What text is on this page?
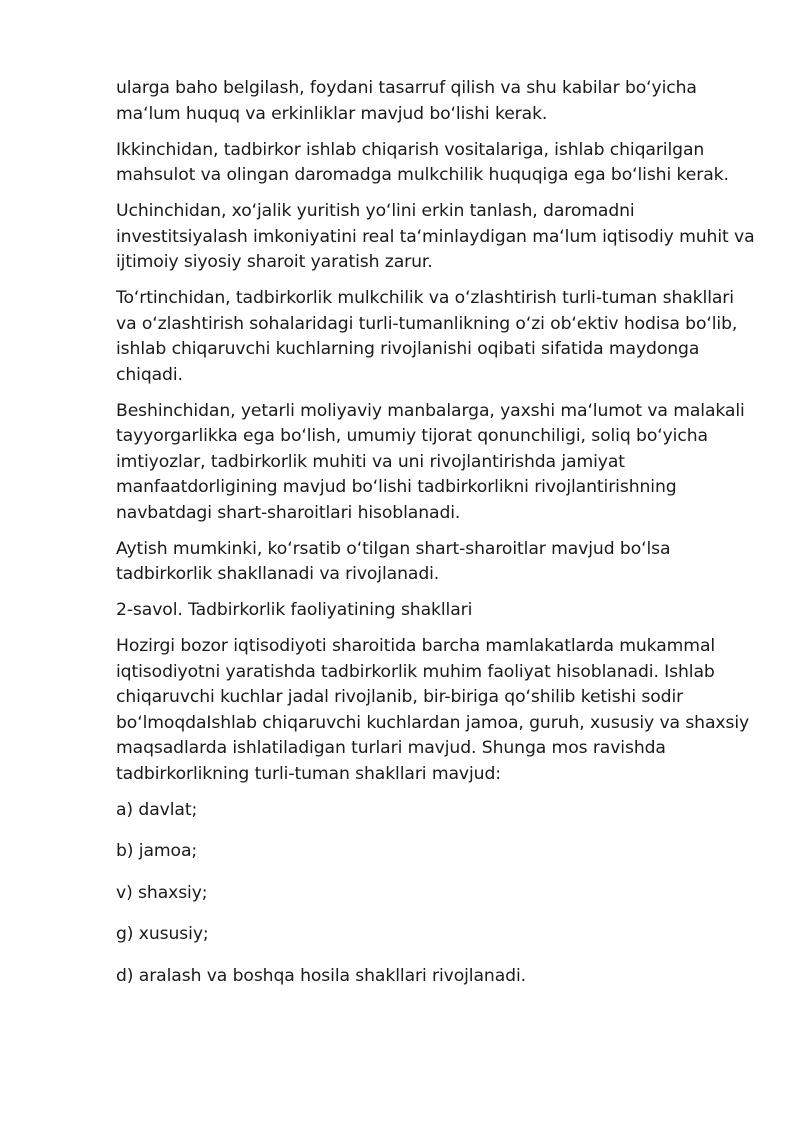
ularga baho belgilash, foydani tasarruf qilish va shu kabilar bo‘yicha ma‘lum huquq va erkinliklar mavjud bo‘lishi kerak.

Ikkinchidan, tadbirkor ishlab chiqarish vositalariga, ishlab chiqarilgan mahsulot va olingan daromadga mulkchilik huquqiga ega bo‘lishi kerak.

Uchinchidan, xo‘jalik yuritish yo‘lini erkin tanlash, daromadni investitsiyalash imkoniyatini real ta‘minlaydigan ma‘lum iqtisodiy muhit va ijtimoiy siyosiy sharoit yaratish zarur.

To‘rtinchidan, tadbirkorlik mulkchilik va o‘zlashtirish turli-tuman shakllari va o‘zlashtirish sohalaridagi turli-tumanlikning o‘zi ob‘ektiv hodisa bo‘lib, ishlab chiqaruvchi kuchlarning rivojlanishi oqibati sifatida maydonga chiqadi.

Beshinchidan, yetarli moliyaviy manbalarga, yaxshi ma‘lumot va malakali tayyorgarlikka ega bo‘lish, umumiy tijorat qonunchiligi, soliq bo‘yicha imtiyozlar, tadbirkorlik muhiti va uni rivojlantirishda jamiyat manfaatdorligining mavjud bo‘lishi tadbirkorlikni rivojlantirishning navbatdagi shart-sharoitlari hisoblanadi.

Aytish mumkinki, ko‘rsatib o‘tilgan shart-sharoitlar mavjud bo‘lsa tadbirkorlik shakllanadi va rivojlanadi.

2-savol. Tadbirkorlik faoliyatining shakllari

Hozirgi bozor iqtisodiyoti sharoitida barcha mamlakatlarda mukammal iqtisodiyotni yaratishda tadbirkorlik muhim faoliyat hisoblanadi. Ishlab chiqaruvchi kuchlar jadal rivojlanib, bir-biriga qo‘shilib ketishi sodir bo‘lmoqdaIshlab chiqaruvchi kuchlardan jamoa, guruh, xususiy va shaxsiy maqsadlarda ishlatiladigan turlari mavjud. Shunga mos ravishda tadbirkorlikning turli-tuman shakllari mavjud:

a) davlat;

b) jamoa;

v) shaxsiy;

g) xususiy;

d) aralash va boshqa hosila shakllari rivojlanadi.
